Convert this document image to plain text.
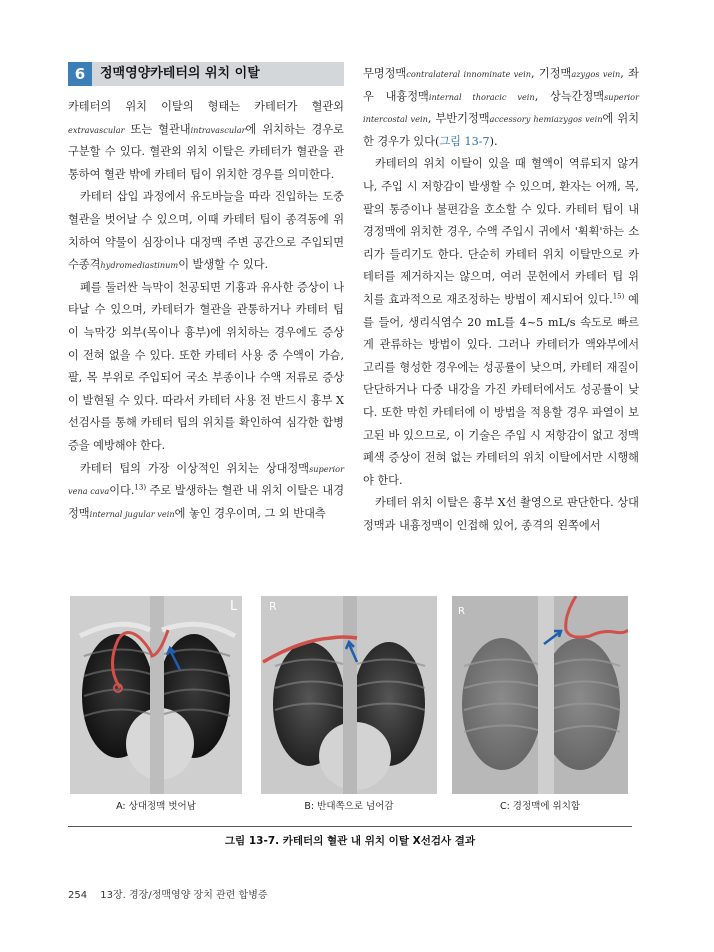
6	정맥영양카테터의 위치 이탈

카테터의 위치 이탈의 형태는 카테터가 혈관외extravascular 또는 혈관내intravascular에 위치하는 경우로 구분할 수 있다. 혈관외 위치 이탈은 카테터가 혈관을 관통하여 혈관 밖에 카테터 팁이 위치한 경우를 의미한다.

카테터 삽입 과정에서 유도바늘을 따라 진입하는 도중 혈관을 벗어날 수 있으며, 이때 카테터 팁이 종격동에 위치하여 약물이 심장이나 대정맥 주변 공간으로 주입되면 수종격hydromediastinum이 발생할 수 있다.

폐를 둘러싼 늑막이 천공되면 기흉과 유사한 증상이 나타날 수 있으며, 카테터가 혈관을 관통하거나 카테터 팁이 늑막강 외부(목이나 흉부)에 위치하는 경우에도 증상이 전혀 없을 수 있다. 또한 카테터 사용 중 수액이 가슴, 팔, 목 부위로 주입되어 국소 부종이나 수액 저류로 증상이 발현될 수 있다. 따라서 카테터 사용 전 반드시 흉부 X선검사를 통해 카테터 팁의 위치를 확인하여 심각한 합병증을 예방해야 한다.

카테터 팁의 가장 이상적인 위치는 상대정맥superior vena cava이다.$^{13)}$ 주로 발생하는 혈관 내 위치 이탈은 내경정맥internal jugular vein에 놓인 경우이며, 그 외 반대측

무명정맥contralateral innominate vein, 기정맥azygos vein, 좌우 내흉정맥internal thoracic vein, 상늑간정맥superior intercostal vein, 부반기정맥accessory hemiazygos vein에 위치한 경우가 있다(그림 13-7).

카테터의 위치 이탈이 있을 때 혈액이 역류되지 않거나, 주입 시 저항감이 발생할 수 있으며, 환자는 어깨, 목, 팔의 통증이나 불편감을 호소할 수 있다. 카테터 팁이 내경정맥에 위치한 경우, 수액 주입시 귀에서 '휙휙'하는 소리가 들리기도 한다. 단순히 카테터 위치 이탈만으로 카테터를 제거하지는 않으며, 여러 문헌에서 카테터 팁 위치를 효과적으로 재조정하는 방법이 제시되어 있다.$^{15)}$ 예를 들어, 생리식염수 20 mL를 4~5 mL/s 속도로 빠르게 관류하는 방법이 있다. 그러나 카테터가 액와부에서 고리를 형성한 경우에는 성공률이 낮으며, 카테터 재질이 단단하거나 다중 내강을 가진 카테터에서도 성공률이 낮다. 또한 막힌 카테터에 이 방법을 적용할 경우 파열이 보고된 바 있으므로, 이 기술은 주입 시 저항감이 없고 정맥폐색 증상이 전혀 없는 카테터의 위치 이탈에서만 시행해야 한다.

카테터 위치 이탈은 흉부 X선 촬영으로 판단한다. 상대정맥과 내흉정맥이 인접해 있어, 종격의 왼쪽에서

L	R	R
A: 상대정맥 벗어남	B: 반대쪽으로 넘어감	C: 경정맥에 위치함
그림 13-7. 카테터의 혈관 내 위치 이탈 X선검사 결과
254 13장. 경장/정맥영양 장치 관련 합병증
